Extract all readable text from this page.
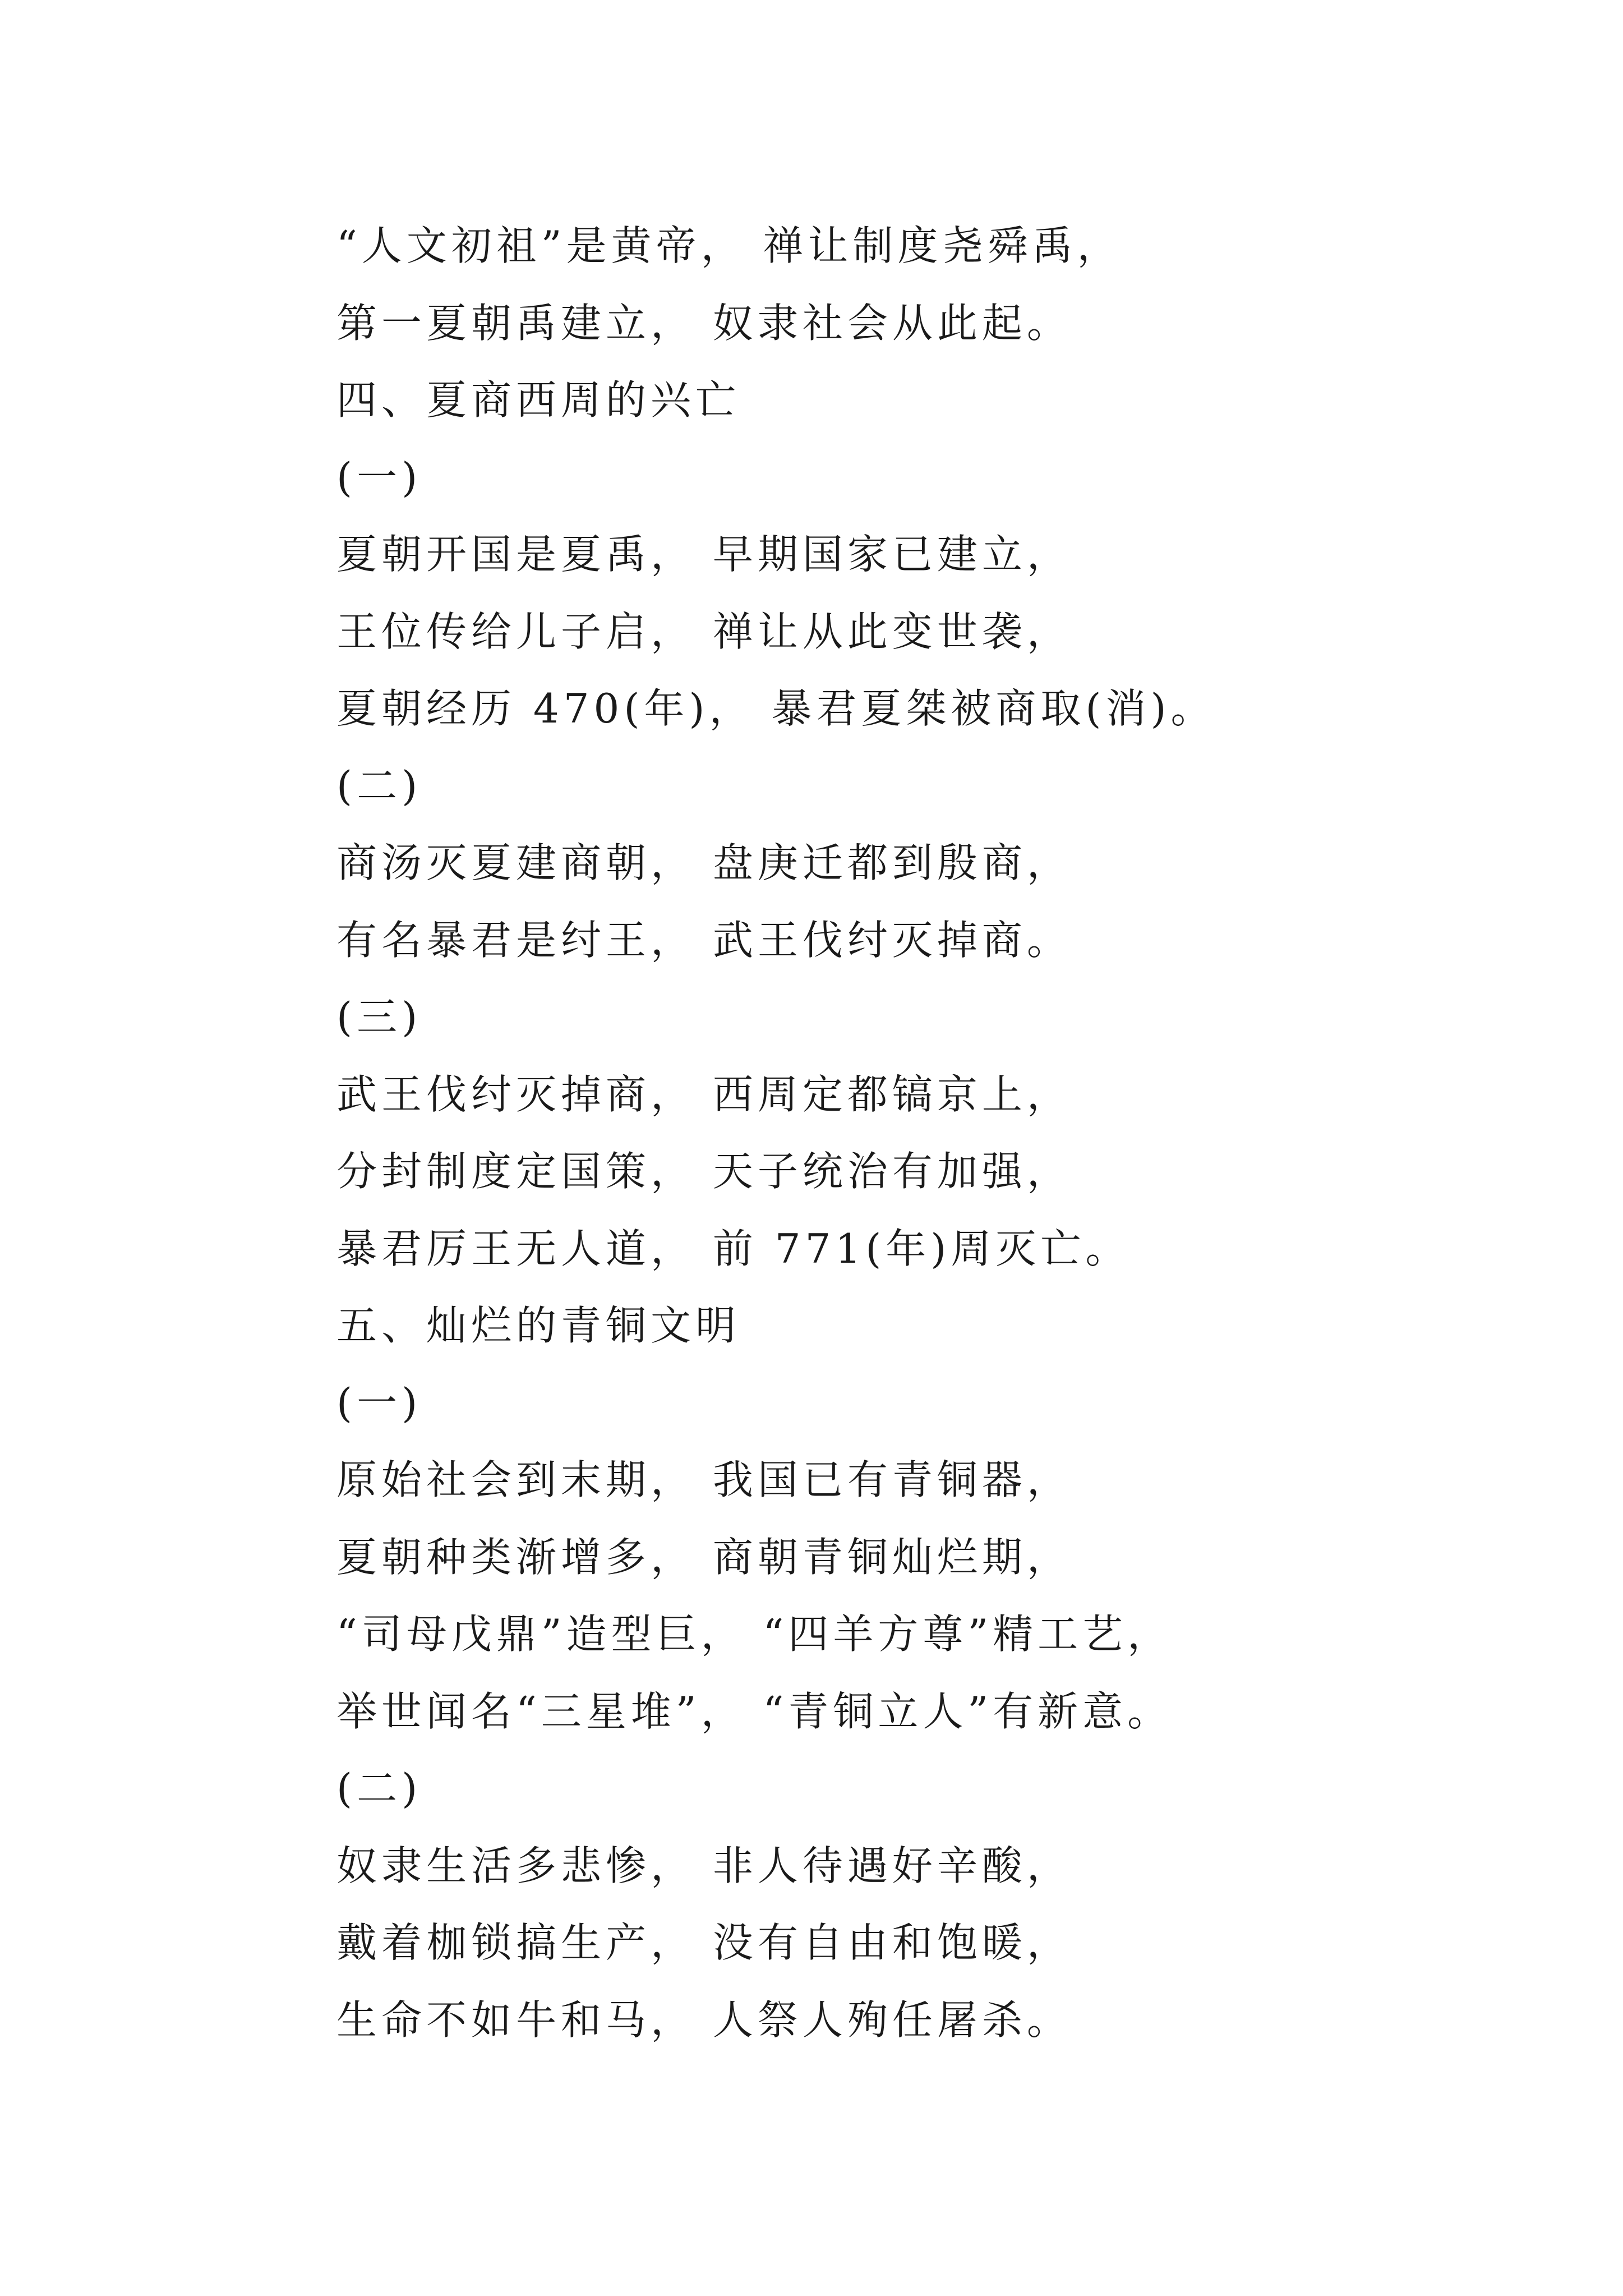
“人文初祖”是黄帝， 禅让制度尧舜禹，
第一夏朝禹建立， 奴隶社会从此起。
四、夏商西周的兴亡
(一)
夏朝开国是夏禹， 早期国家已建立，
王位传给儿子启， 禅让从此变世袭，
夏朝经历 470(年)， 暴君夏桀被商取(消)。
(二)
商汤灭夏建商朝， 盘庚迁都到殷商，
有名暴君是纣王， 武王伐纣灭掉商。
(三)
武王伐纣灭掉商， 西周定都镐京上，
分封制度定国策， 天子统治有加强，
暴君厉王无人道， 前 771(年)周灭亡。
五、灿烂的青铜文明
(一)
原始社会到末期， 我国已有青铜器，
夏朝种类渐增多， 商朝青铜灿烂期，
“司母戊鼎”造型巨， “四羊方尊”精工艺，
举世闻名“三星堆”， “青铜立人”有新意。
(二)
奴隶生活多悲惨， 非人待遇好辛酸，
戴着枷锁搞生产， 没有自由和饱暖，
生命不如牛和马， 人祭人殉任屠杀。
